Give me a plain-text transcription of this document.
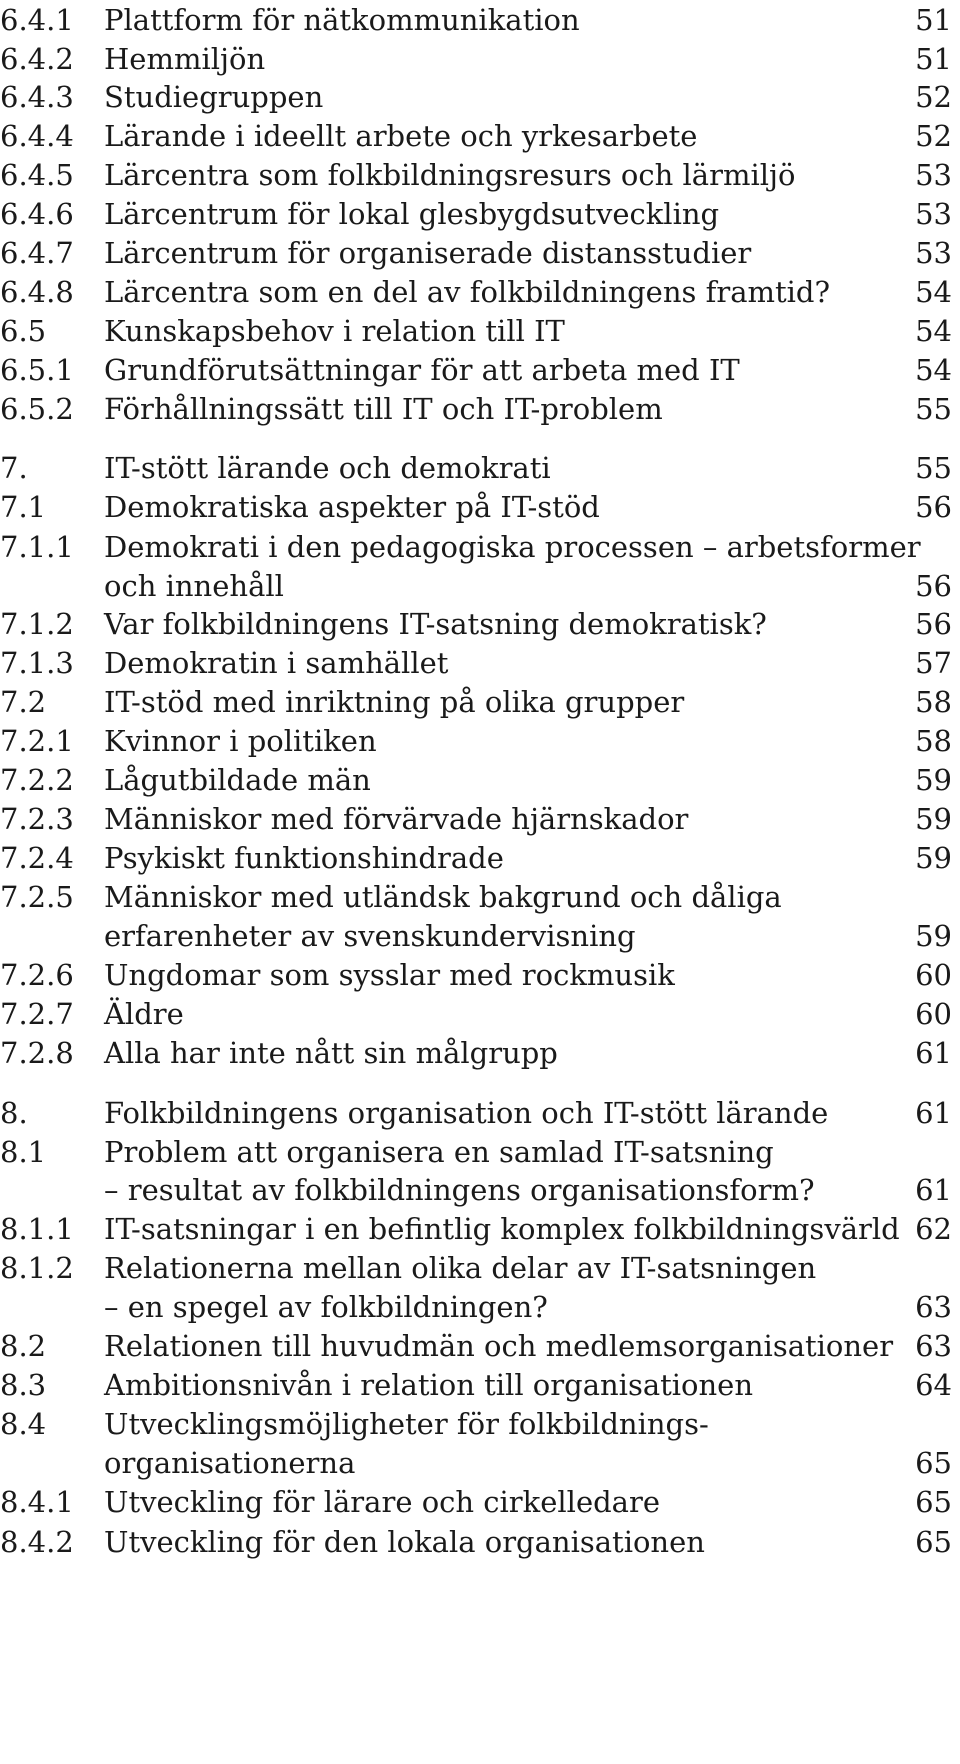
6.4.1 Plattform för nätkommunikation	51
6.4.2 Hemmiljön	51
6.4.3 Studiegruppen	52
6.4.4 Lärande i ideellt arbete och yrkesarbete	52
6.4.5 Lärcentra som folkbildningsresurs och lärmiljö	53
6.4.6 Lärcentrum för lokal glesbygdsutveckling	53
6.4.7 Lärcentrum för organiserade distansstudier	53
6.4.8 Lärcentra som en del av folkbildningens framtid?	54
6.5 Kunskapsbehov i relation till IT	54
6.5.1 Grundförutsättningar för att arbeta med IT	54
6.5.2 Förhållningssätt till IT och IT-problem	55
7.	IT-stött lärande och demokrati	55
7.1 Demokratiska aspekter på IT-stöd	56
7.1.1 Demokrati i den pedagogiska processen – arbetsformer
och innehåll	56
7.1.2 Var folkbildningens IT-satsning demokratisk?	56
7.1.3 Demokratin i samhället	57
7.2 IT-stöd med inriktning på olika grupper	58
7.2.1 Kvinnor i politiken	58
7.2.2 Lågutbildade män	59
7.2.3 Människor med förvärvade hjärnskador	59
7.2.4 Psykiskt funktionshindrade	59
7.2.5 Människor med utländsk bakgrund och dåliga
erfarenheter av svenskundervisning	59
7.2.6 Ungdomar som sysslar med rockmusik	60
7.2.7 Äldre	60
7.2.8 Alla har inte nått sin målgrupp	61
8.	Folkbildningens organisation och IT-stött lärande	61
8.1 Problem att organisera en samlad IT-satsning
– resultat av folkbildningens organisationsform?	61
8.1.1 IT-satsningar i en befintlig komplex folkbildningsvärld 62
8.1.2 Relationerna mellan olika delar av IT-satsningen
– en spegel av folkbildningen?	63
8.2 Relationen till huvudmän och medlemsorganisationer 63
8.3 Ambitionsnivån i relation till organisationen	64
8.4 Utvecklingsmöjligheter för folkbildnings-
organisationerna	65
8.4.1 Utveckling för lärare och cirkelledare	65
8.4.2 Utveckling för den lokala organisationen	65
